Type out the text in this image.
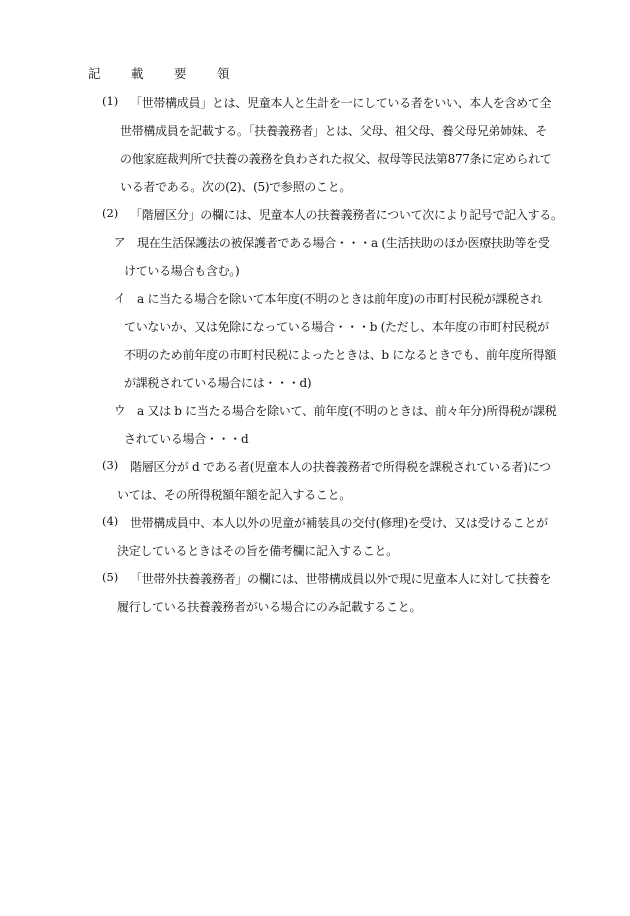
記　載　要　領
(1) 「世帯構成員」とは、児童本人と生計を一にしている者をいい、本人を含めて全
世帯構成員を記載する。「扶養義務者」とは、父母、祖父母、養父母兄弟姉妹、そ
の他家庭裁判所で扶養の義務を負わされた叔父、叔母等民法第877条に定められて
いる者である。次の(2)、(5)で参照のこと。
(2) 「階層区分」の欄には、児童本人の扶養義務者について次により記号で記入する。
ア 現在生活保護法の被保護者である場合・・・a (生活扶助のほか医療扶助等を受
けている場合も含む。)
イ a に当たる場合を除いて本年度(不明のときは前年度)の市町村民税が課税され
ていないか、又は免除になっている場合・・・b (ただし、本年度の市町村民税が
不明のため前年度の市町村民税によったときは、b になるときでも、前年度所得額
が課税されている場合には・・・d)
ウ a 又は b に当たる場合を除いて、前年度(不明のときは、前々年分)所得税が課税
されている場合・・・d
(3) 階層区分が d である者(児童本人の扶養義務者で所得税を課税されている者)につ
いては、その所得税額年額を記入すること。
(4) 世帯構成員中、本人以外の児童が補装具の交付(修理)を受け、又は受けることが
決定しているときはその旨を備考欄に記入すること。
(5) 「世帯外扶養義務者」の欄には、世帯構成員以外で現に児童本人に対して扶養を
履行している扶養義務者がいる場合にのみ記載すること。
